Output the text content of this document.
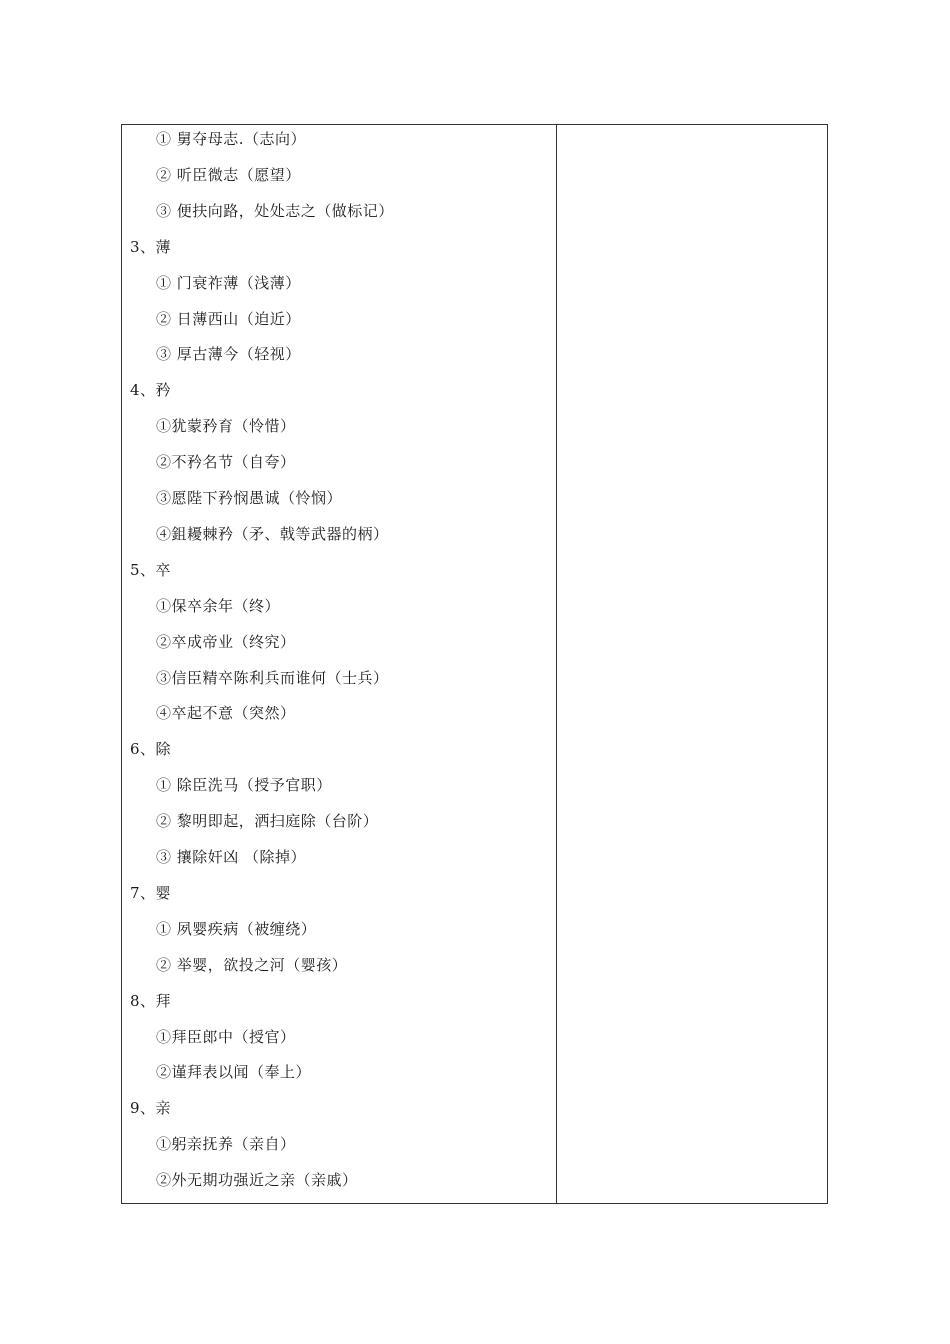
① 舅夺母志.（志向）
② 听臣微志（愿望）
③ 便扶向路，处处志之（做标记）
3、薄
① 门衰祚薄（浅薄）
② 日薄西山（迫近）
③ 厚古薄今（轻视）
4、矜
①犹蒙矜育（怜惜）
②不矜名节（自夸）
③愿陛下矜悯愚诚（怜悯）
④鉏耰棘矜（矛、戟等武器的柄）
5、卒
①保卒余年（终）
②卒成帝业（终究）
③信臣精卒陈利兵而谁何（士兵）
④卒起不意（突然）
6、除
① 除臣洗马（授予官职）
② 黎明即起，洒扫庭除（台阶）
③ 攘除奸凶 （除掉）
7、婴
① 夙婴疾病（被缠绕）
② 举婴，欲投之河（婴孩）
8、拜
①拜臣郎中（授官）
②谨拜表以闻（奉上）
9、亲
①躬亲抚养（亲自）
②外无期功强近之亲（亲戚）
